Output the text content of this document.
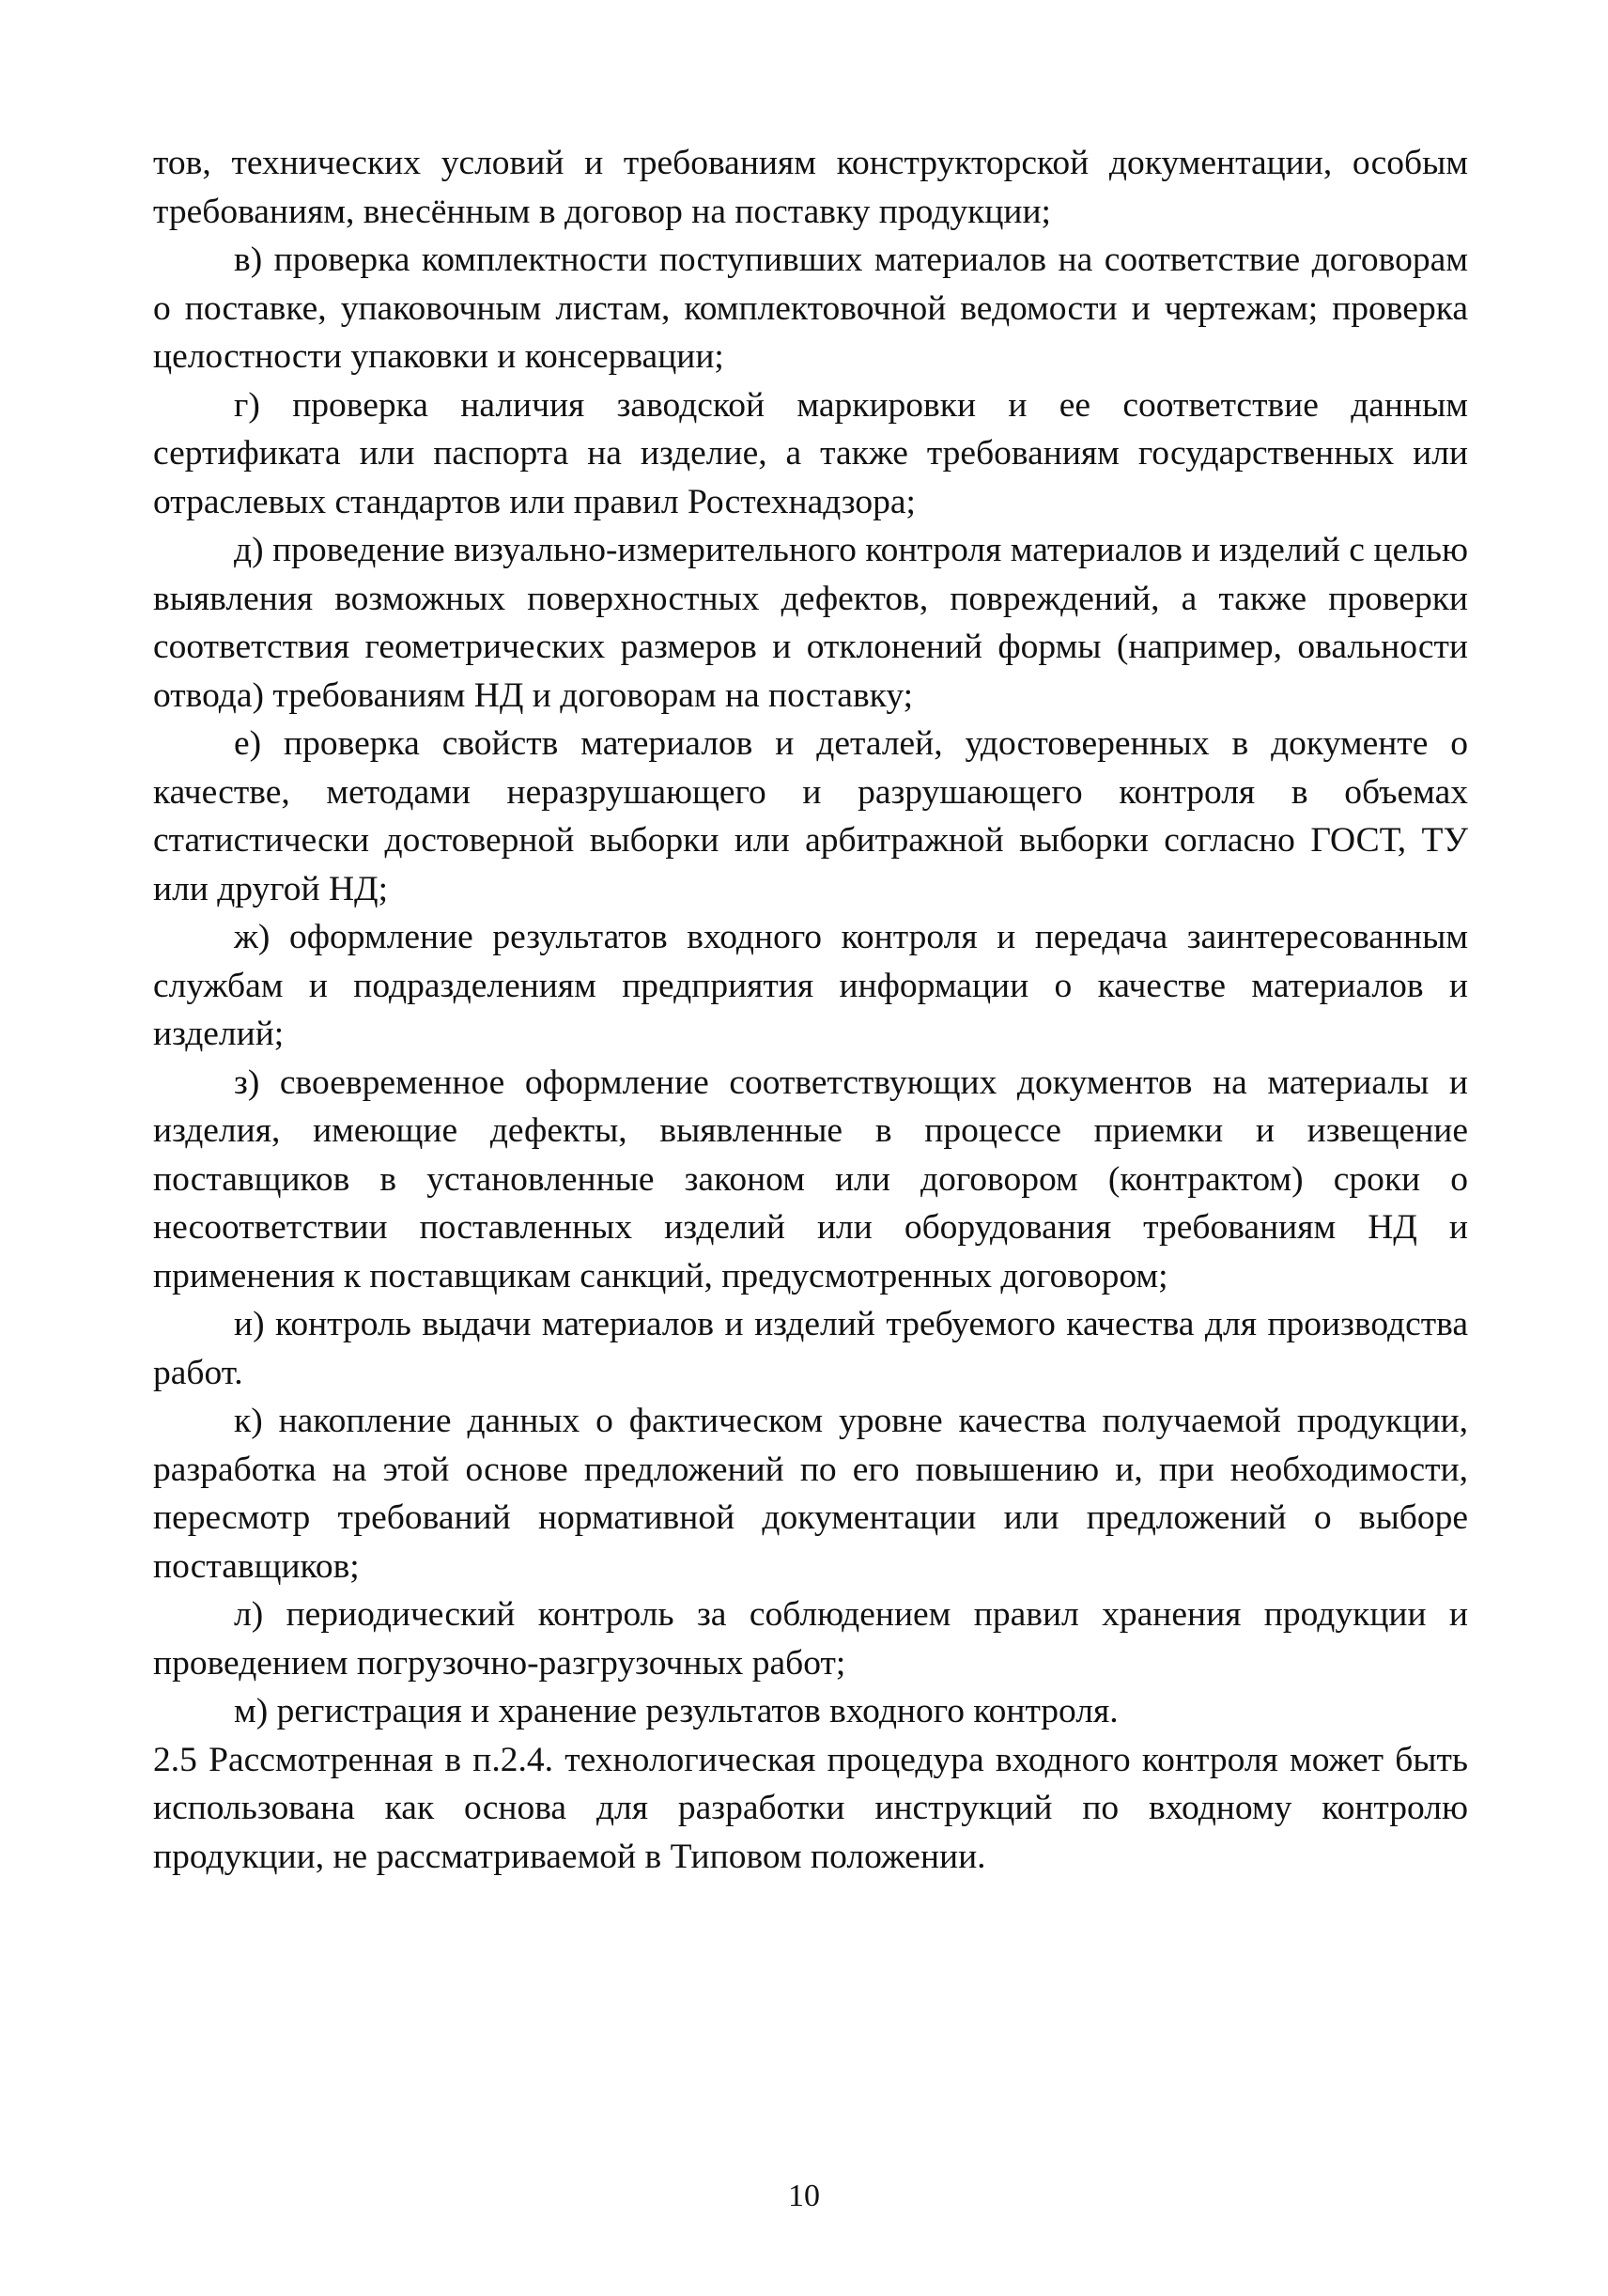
тов, технических условий и требованиям конструкторской документации, особым требованиям, внесённым в договор на поставку продукции;

в) проверка комплектности поступивших материалов на соответствие договорам о поставке, упаковочным листам, комплектовочной ведомости и чертежам; проверка целостности упаковки и консервации;

г) проверка наличия заводской маркировки и ее соответствие данным сертификата или паспорта на изделие, а также требованиям государственных или отраслевых стандартов или правил Ростехнадзора;

д) проведение визуально-измерительного контроля материалов и изделий с целью выявления возможных поверхностных дефектов, повреждений, а также проверки соответствия геометрических размеров и отклонений формы (например, овальности отвода) требованиям НД и договорам на поставку;

е) проверка свойств материалов и деталей, удостоверенных в документе о качестве, методами неразрушающего и разрушающего контроля в объемах статистически достоверной выборки или арбитражной выборки согласно ГОСТ, ТУ или другой НД;

ж) оформление результатов входного контроля и передача заинтересованным службам и подразделениям предприятия информации о качестве материалов и изделий;

з) своевременное оформление соответствующих документов на материалы и изделия, имеющие дефекты, выявленные в процессе приемки и извещение поставщиков в установленные законом или договором (контрактом) сроки о несоответствии поставленных изделий или оборудования требованиям НД и применения к поставщикам санкций, предусмотренных договором;

и) контроль выдачи материалов и изделий требуемого качества для производства работ.

к) накопление данных о фактическом уровне качества получаемой продукции, разработка на этой основе предложений по его повышению и, при необходимости, пересмотр требований нормативной документации или предложений о выборе поставщиков;

л) периодический контроль за соблюдением правил хранения продукции и проведением погрузочно-разгрузочных работ;

м) регистрация и хранение результатов входного контроля.

2.5 Рассмотренная в п.2.4. технологическая процедура входного контроля может быть использована как основа для разработки инструкций по входному контролю продукции, не рассматриваемой в Типовом положении.

10
